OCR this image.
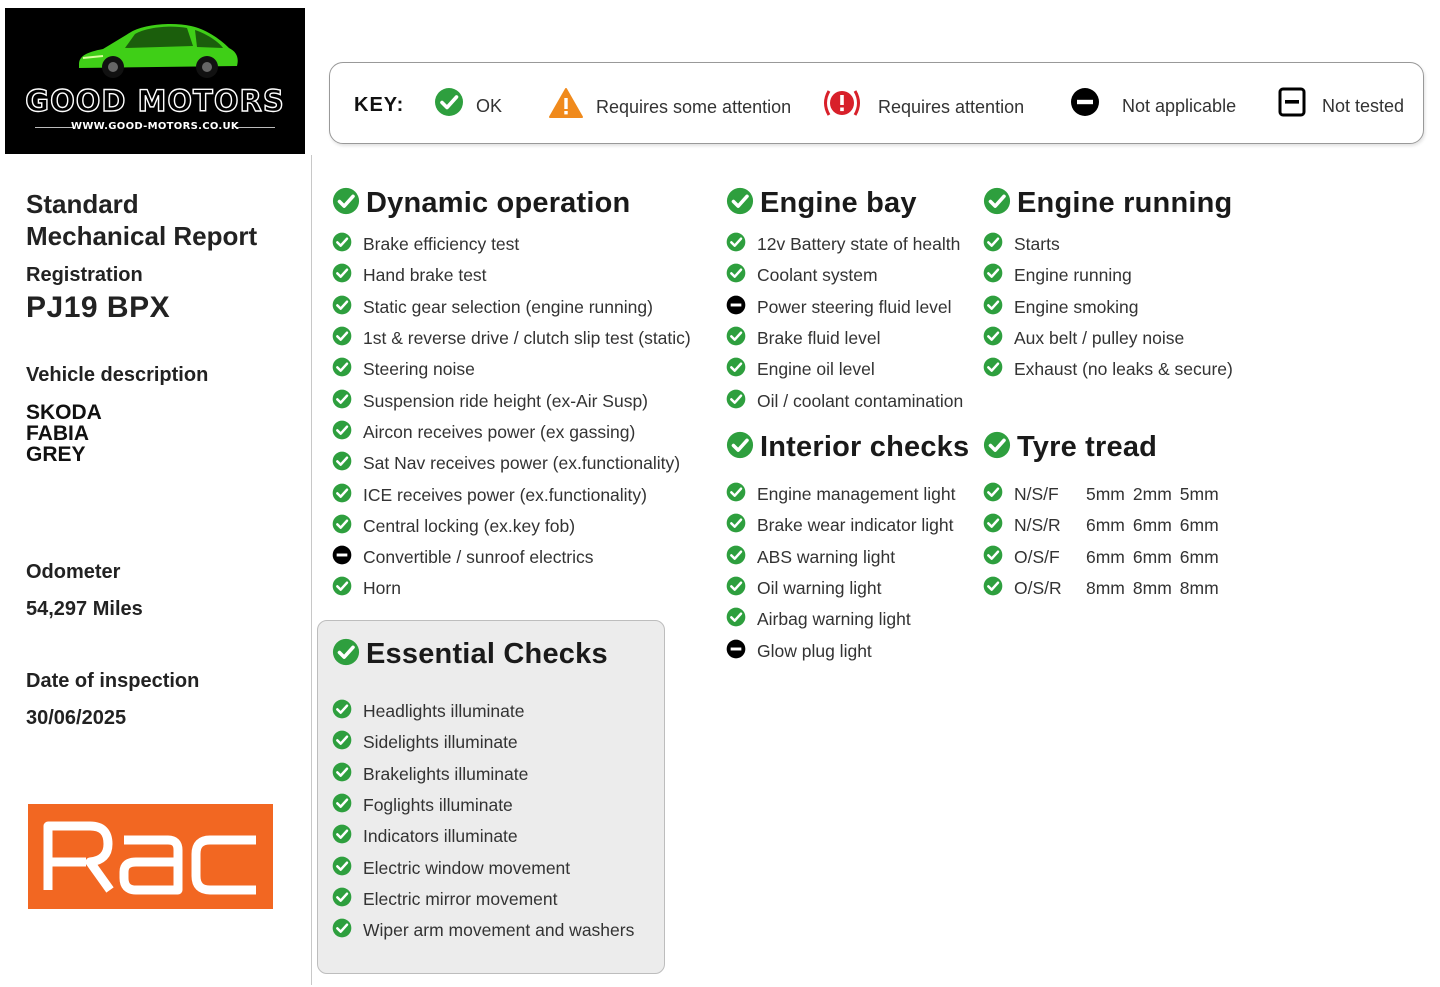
GOOD MOTORS
WWW.GOOD-MOTORS.CO.UK
Standard
Mechanical Report
Registration
PJ19 BPX
Vehicle description
SKODA
FABIA
GREY
Odometer
54,297 Miles
Date of inspection
30/06/2025
KEY:	OK	Requires some attention	Requires attention	Not applicable	Not tested
Dynamic operation
Brake efficiency test
Hand brake test
Static gear selection (engine running)
1st & reverse drive / clutch slip test (static)
Steering noise
Suspension ride height (ex-Air Susp)
Aircon receives power (ex gassing)
Sat Nav receives power (ex.functionality)
ICE receives power (ex.functionality)
Central locking (ex.key fob)
Convertible / sunroof electrics
Horn
Essential Checks
Headlights illuminate
Sidelights illuminate
Brakelights illuminate
Foglights illuminate
Indicators illuminate
Electric window movement
Electric mirror movement
Wiper arm movement and washers
Engine bay
12v Battery state of health
Coolant system
Power steering fluid level
Brake fluid level
Engine oil level
Oil / coolant contamination
Interior checks
Engine management light
Brake wear indicator light
ABS warning light
Oil warning light
Airbag warning light
Glow plug light
Engine running
Starts
Engine running
Engine smoking
Aux belt / pulley noise
Exhaust (no leaks & secure)
Tyre tread
N/S/F	5mm 2mm 5mm
N/S/R	6mm 6mm 6mm
O/S/F	6mm 6mm 6mm
O/S/R	8mm 8mm 8mm
